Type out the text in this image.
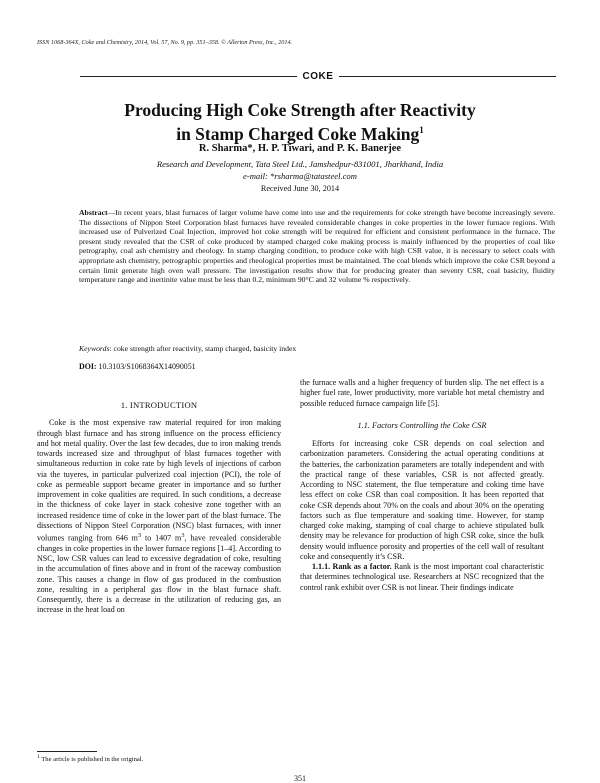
ISSN 1068-364X, Coke and Chemistry, 2014, Vol. 57, No. 9, pp. 351–358. © Allerton Press, Inc., 2014.
COKE
Producing High Coke Strength after Reactivity
in Stamp Charged Coke Making$^1$
R. Sharma*, H. P. Tiwari, and P. K. Banerjee
Research and Development, Tata Steel Ltd., Jamshedpur-831001, Jharkhand, India
e-mail: *rsharma@tatasteel.com
Received June 30, 2014
Abstract—In recent years, blast furnaces of larger volume have come into use and the requirements for coke strength have become increasingly severe. The dissections of Nippon Steel Corporation blast furnaces have revealed considerable changes in coke properties in the lower furnace regions. With increased use of Pulverized Coal Injection, improved hot coke strength will be required for efficient and consistent performance in the furnace. The present study revealed that the CSR of coke produced by stamped charged coke making process is mainly influenced by the properties of coal like petrography, coal ash chemistry and rheology. In stamp charging condition, to produce coke with high CSR value, it is necessary to select coals with appropriate ash chemistry, petrographic properties and rheological properties must be maintained. The coal blends which improve the coke CSR beyond a certain limit generate high oven wall pressure. The investigation results show that for producing greater than seventy CSR, coal basicity, fluidity temperature range and inertinite value must be less than 0.2, minimum 90°C and 32 volume % respectively.
Keywords: coke strength after reactivity, stamp charged, basicity index
DOI: 10.3103/S1068364X14090051
1. INTRODUCTION

Coke is the most expensive raw material required for iron making through blast furnace and has strong influence on the process efficiency and hot metal quality. Over the last few decades, due to iron making trends towards increased size and throughput of blast furnaces together with simultaneous reduction in coke rate by high levels of injections of carbon via the tuyeres, in particular pulverized coal injection (PCI), the role of coke as permeable support became greater in importance and so further improvement in coke qualities are required. In such conditions, a decrease in the thickness of coke layer in stack cohesive zone together with an increased residence time of coke in the lower part of the blast furnace. The dissections of Nippon Steel Corporation (NSC) blast furnaces, with inner volumes ranging from 646 $m^3$ to 1407 $m^3$, have revealed considerable changes in coke properties in the lower furnace regions [1–4]. According to NSC, low CSR values can lead to excessive degradation of coke, resulting in the accumulation of fines above and in front of the raceway combustion zone. This causes a change in flow of gas produced in the combustion zone, resulting in a peripheral gas flow in the blast furnace shaft. Consequently, there is a decrease in the utilization of reducing gas, an increase in the heat load on

the furnace walls and a higher frequency of burden slip. The net effect is a higher fuel rate, lower productivity, more variable hot metal chemistry and possible reduced furnace campaign life [5].

1.1. Factors Controlling the Coke CSR

Efforts for increasing coke CSR depends on coal selection and carbonization parameters. Considering the actual operating conditions at the batteries, the carbonization parameters are totally independent and with the practical range of these variables, CSR is not affected greatly. According to NSC statement, the flue temperature and coking time have less effect on coke CSR than coal composition. It has been reported that coke CSR depends about 70% on the coals and about 30% on the operating factors such as flue temperature and soaking time. However, for stamp charged coke making, stamping of coal charge to achieve stipulated bulk density may be relevance for production of high CSR coke, since the bulk density would influence porosity and properties of the cell wall of resultant coke and consequently it’s CSR.

1.1.1. Rank as a factor. Rank is the most important coal characteristic that determines technological use. Researchers at NSC recognized that the control rank exhibit over CSR is not linear. Their findings indicate

$^1$ The article is published in the original.
351
